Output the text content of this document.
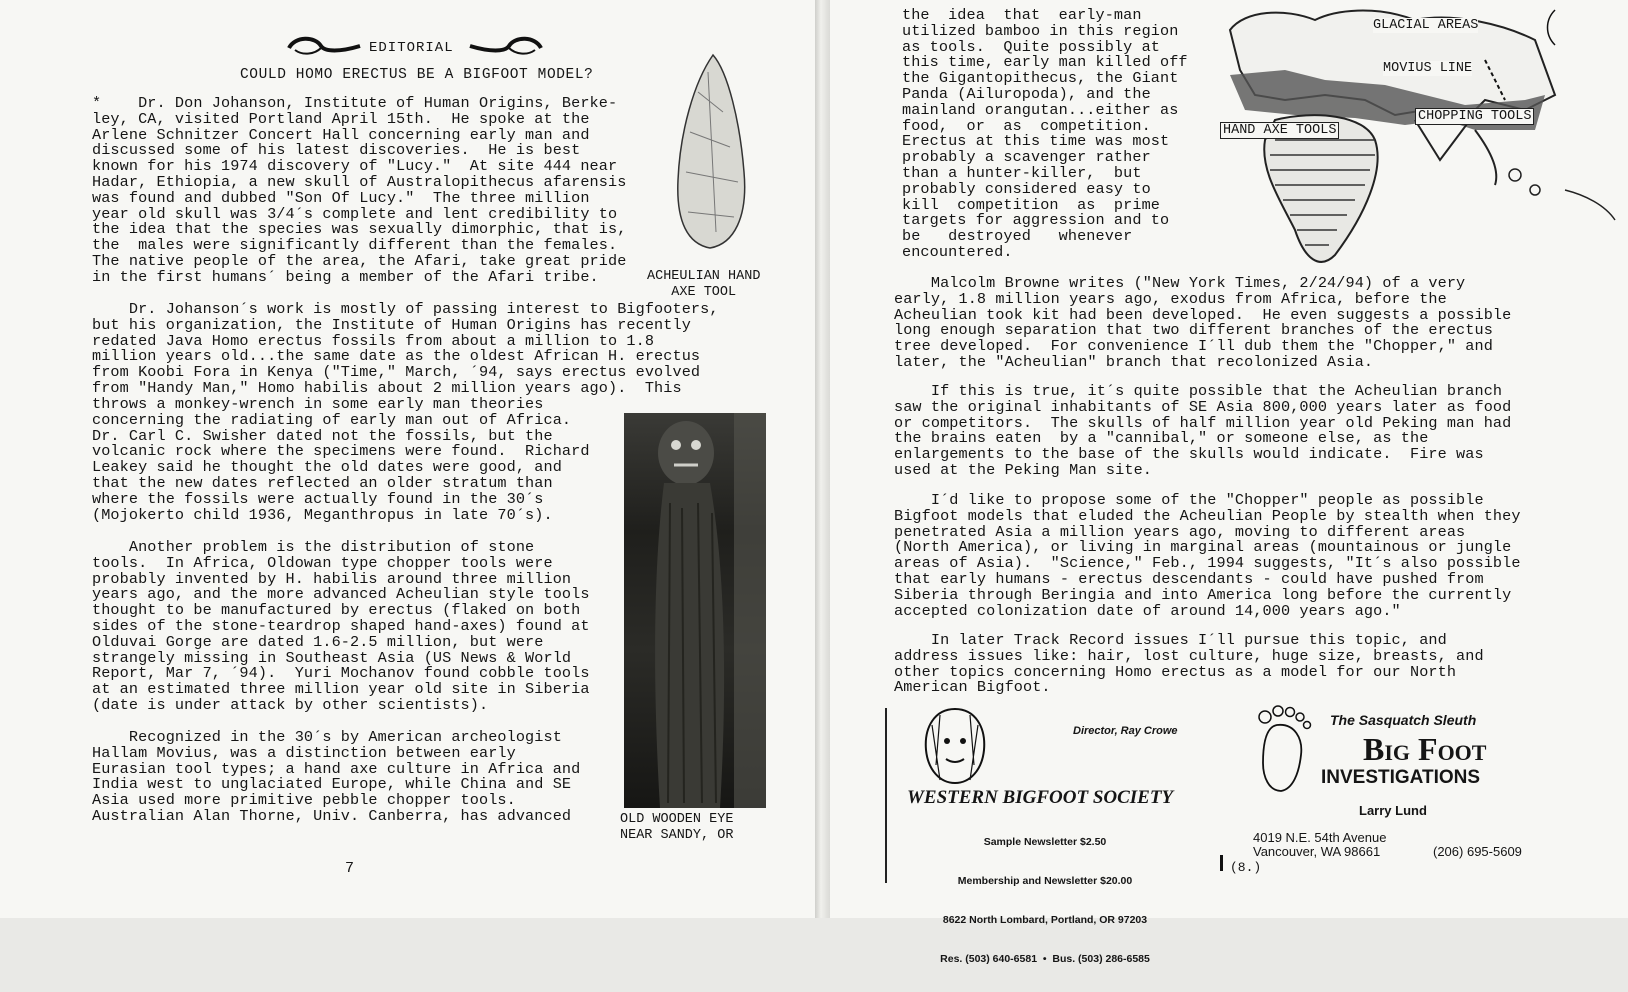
EDITORIAL
COULD HOMO ERECTUS BE A BIGFOOT MODEL?
*    Dr. Don Johanson, Institute of Human Origins, Berke-
ley, CA, visited Portland April 15th.  He spoke at the
Arlene Schnitzer Concert Hall concerning early man and
discussed some of his latest discoveries.  He is best
known for his 1974 discovery of "Lucy."  At site 444 near
Hadar, Ethiopia, a new skull of Australopithecus afarensis
was found and dubbed "Son Of Lucy."  The three million
year old skull was 3/4´s complete and lent credibility to
the idea that the species was sexually dimorphic, that is,
the  males were significantly different than the females.
The native people of the area, the Afari, take great pride
in the first humans´ being a member of the Afari tribe.
Dr. Johanson´s work is mostly of passing interest to Bigfooters,
but his organization, the Institute of Human Origins has recently
redated Java Homo erectus fossils from about a million to 1.8
million years old...the same date as the oldest African H. erectus
from Koobi Fora in Kenya ("Time," March, ´94, says erectus evolved
from "Handy Man," Homo habilis about 2 million years ago).  This
throws a monkey-wrench in some early man theories
concerning the radiating of early man out of Africa.
Dr. Carl C. Swisher dated not the fossils, but the
volcanic rock where the specimens were found.  Richard
Leakey said he thought the old dates were good, and
that the new dates reflected an older stratum than
where the fossils were actually found in the 30´s
(Mojokerto child 1936, Meganthropus in late 70´s).
Another problem is the distribution of stone
tools.  In Africa, Oldowan type chopper tools were
probably invented by H. habilis around three million
years ago, and the more advanced Acheulian style tools
thought to be manufactured by erectus (flaked on both
sides of the stone-teardrop shaped hand-axes) found at
Olduvai Gorge are dated 1.6-2.5 million, but were
strangely missing in Southeast Asia (US News & World
Report, Mar 7, ´94).  Yuri Mochanov found cobble tools
at an estimated three million year old site in Siberia
(date is under attack by other scientists).
Recognized in the 30´s by American archeologist
Hallam Movius, was a distinction between early
Eurasian tool types; a hand axe culture in Africa and
India west to unglaciated Europe, while China and SE
Asia used more primitive pebble chopper tools.
Australian Alan Thorne, Univ. Canberra, has advanced
ACHEULIAN HAND
AXE TOOL
OLD WOODEN EYE
NEAR SANDY, OR
7
the  idea  that  early-man
utilized bamboo in this region
as tools.  Quite possibly at
this time, early man killed off
the Gigantopithecus, the Giant
Panda (Ailuropoda), and the
mainland orangutan...either as
food,  or  as  competition.
Erectus at this time was most
probably a scavenger rather
than a hunter-killer,  but
probably considered easy to
kill  competition  as  prime
targets for aggression and to
be   destroyed   whenever
encountered.
GLACIAL AREAS
MOVIUS LINE
HAND AXE TOOLS
CHOPPING TOOLS
Malcolm Browne writes ("New York Times, 2/24/94) of a very
early, 1.8 million years ago, exodus from Africa, before the
Acheulian took kit had been developed.  He even suggests a possible
long enough separation that two different branches of the erectus
tree developed.  For convenience I´ll dub them the "Chopper," and
later, the "Acheulian" branch that recolonized Asia.
If this is true, it´s quite possible that the Acheulian branch
saw the original inhabitants of SE Asia 800,000 years later as food
or competitors.  The skulls of half million year old Peking man had
the brains eaten  by a "cannibal," or someone else, as the
enlargements to the base of the skulls would indicate.  Fire was
used at the Peking Man site.
I´d like to propose some of the "Chopper" people as possible
Bigfoot models that eluded the Acheulian People by stealth when they
penetrated Asia a million years ago, moving to different areas
(North America), or living in marginal areas (mountainous or jungle
areas of Asia).  "Science," Feb., 1994 suggests, "It´s also possible
that early humans - erectus descendants - could have pushed from
Siberia through Beringia and into America long before the currently
accepted colonization date of around 14,000 years ago."
In later Track Record issues I´ll pursue this topic, and
address issues like: hair, lost culture, huge size, breasts, and
other topics concerning Homo erectus as a model for our North
American Bigfoot.
Director, Ray Crowe
WESTERN BIGFOOT SOCIETY

Sample Newsletter $2.50

Membership and Newsletter $20.00

8622 North Lombard, Portland, OR 97203

Res. (503) 640-6581  •  Bus. (503) 286-6585

The Sasquatch Sleuth
Big Foot
INVESTIGATIONS
Larry Lund
4019 N.E. 54th Avenue
Vancouver, WA 98661	(206) 695-5609
(8.)
